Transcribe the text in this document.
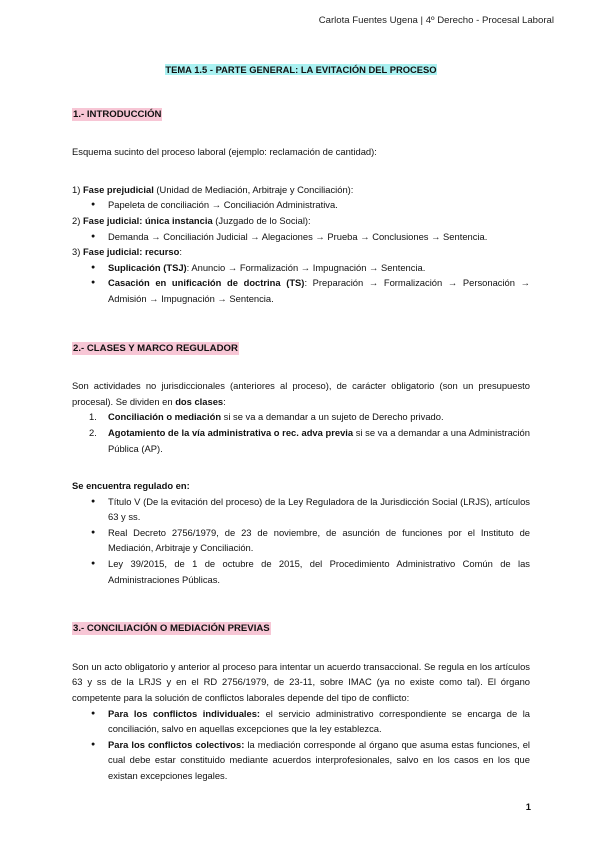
Carlota Fuentes Ugena | 4º Derecho - Procesal Laboral
TEMA 1.5 - PARTE GENERAL: LA EVITACIÓN DEL PROCESO
1.- INTRODUCCIÓN
Esquema sucinto del proceso laboral (ejemplo: reclamación de cantidad):
1) Fase prejudicial (Unidad de Mediación, Arbitraje y Conciliación):
● Papeleta de conciliación → Conciliación Administrativa.
2) Fase judicial: única instancia (Juzgado de lo Social):
● Demanda → Conciliación Judicial → Alegaciones → Prueba → Conclusiones → Sentencia.
3) Fase judicial: recurso:
● Suplicación (TSJ): Anuncio → Formalización → Impugnación → Sentencia.
● Casación en unificación de doctrina (TS): Preparación → Formalización → Personación → Admisión → Impugnación → Sentencia.
2.- CLASES Y MARCO REGULADOR
Son actividades no jurisdiccionales (anteriores al proceso), de carácter obligatorio (son un presupuesto procesal). Se dividen en dos clases:
1. Conciliación o mediación si se va a demandar a un sujeto de Derecho privado.
2. Agotamiento de la vía administrativa o rec. adva previa si se va a demandar a una Administración Pública (AP).
Se encuentra regulado en:
● Título V (De la evitación del proceso) de la Ley Reguladora de la Jurisdicción Social (LRJS), artículos 63 y ss.
● Real Decreto 2756/1979, de 23 de noviembre, de asunción de funciones por el Instituto de Mediación, Arbitraje y Conciliación.
● Ley 39/2015, de 1 de octubre de 2015, del Procedimiento Administrativo Común de las Administraciones Públicas.
3.- CONCILIACIÓN O MEDIACIÓN PREVIAS
Son un acto obligatorio y anterior al proceso para intentar un acuerdo transaccional. Se regula en los artículos 63 y ss de la LRJS y en el RD 2756/1979, de 23-11, sobre IMAC (ya no existe como tal). El órgano competente para la solución de conflictos laborales depende del tipo de conflicto:
● Para los conflictos individuales: el servicio administrativo correspondiente se encarga de la conciliación, salvo en aquellas excepciones que la ley establezca.
● Para los conflictos colectivos: la mediación corresponde al órgano que asuma estas funciones, el cual debe estar constituido mediante acuerdos interprofesionales, salvo en los casos en los que existan excepciones legales.
1
